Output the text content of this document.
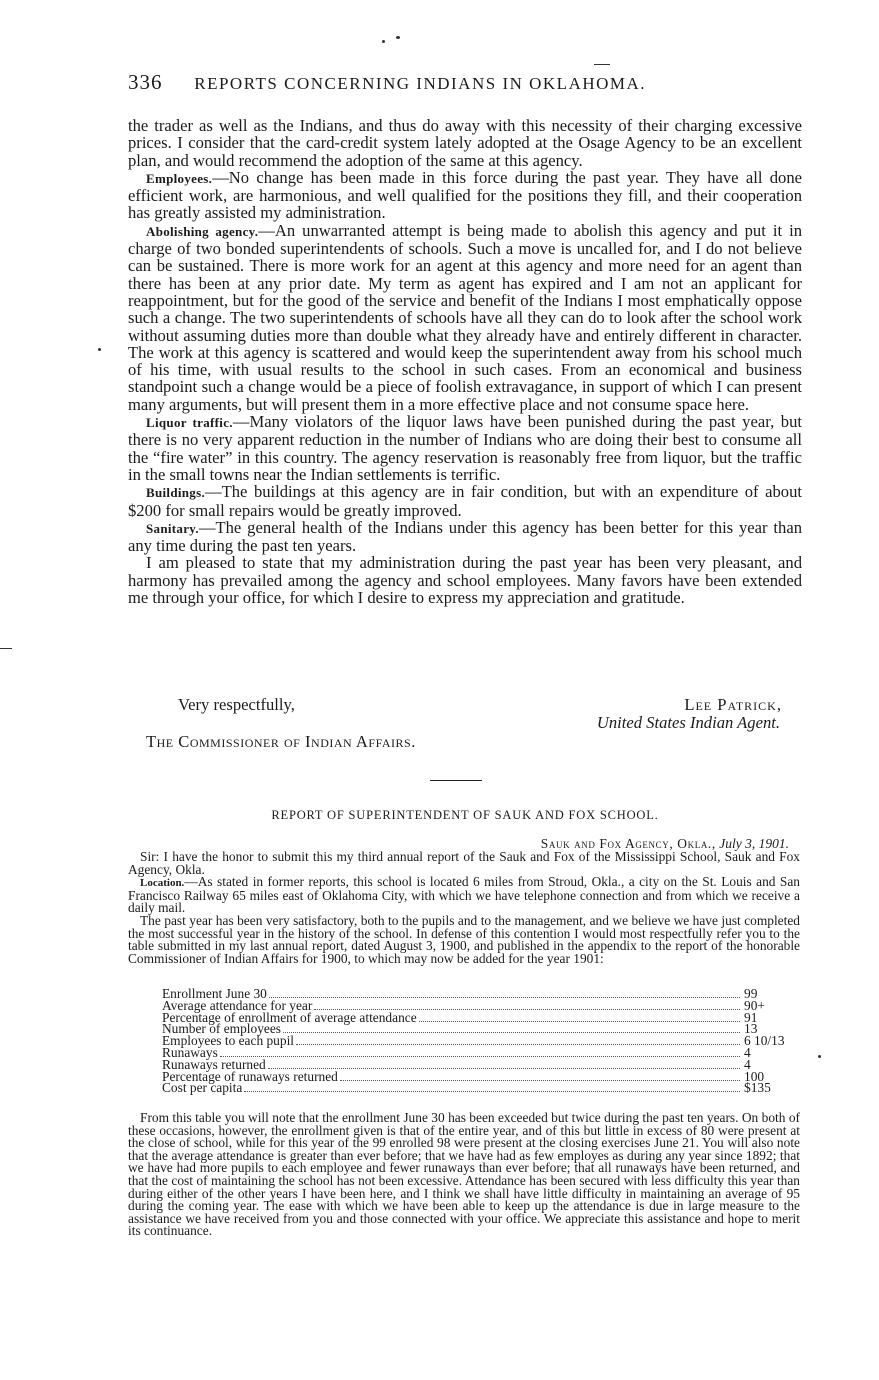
336 REPORTS CONCERNING INDIANS IN OKLAHOMA.

the trader as well as the Indians, and thus do away with this necessity of their charging excessive prices. I consider that the card-credit system lately adopted at the Osage Agency to be an excellent plan, and would recommend the adoption of the same at this agency.

Employees.—No change has been made in this force during the past year. They have all done efficient work, are harmonious, and well qualified for the positions they fill, and their cooperation has greatly assisted my administration.

Abolishing agency.—An unwarranted attempt is being made to abolish this agency and put it in charge of two bonded superintendents of schools. Such a move is uncalled for, and I do not believe can be sustained. There is more work for an agent at this agency and more need for an agent than there has been at any prior date. My term as agent has expired and I am not an applicant for reappointment, but for the good of the service and benefit of the Indians I most emphatically oppose such a change. The two superintendents of schools have all they can do to look after the school work without assuming duties more than double what they already have and entirely different in character. The work at this agency is scattered and would keep the superintendent away from his school much of his time, with usual results to the school in such cases. From an economical and business standpoint such a change would be a piece of foolish extravagance, in support of which I can present many arguments, but will present them in a more effective place and not consume space here.

Liquor traffic.—Many violators of the liquor laws have been punished during the past year, but there is no very apparent reduction in the number of Indians who are doing their best to consume all the “fire water” in this country. The agency reservation is reasonably free from liquor, but the traffic in the small towns near the Indian settlements is terrific.

Buildings.—The buildings at this agency are in fair condition, but with an expenditure of about $200 for small repairs would be greatly improved.

Sanitary.—The general health of the Indians under this agency has been better for this year than any time during the past ten years.

I am pleased to state that my administration during the past year has been very pleasant, and harmony has prevailed among the agency and school employees. Many favors have been extended me through your office, for which I desire to express my appreciation and gratitude.

Very respectfully,	Lee Patrick,
United States Indian Agent.
The Commissioner of Indian Affairs.
REPORT OF SUPERINTENDENT OF SAUK AND FOX SCHOOL.
Sauk and Fox Agency, Okla., July 3, 1901.

Sir: I have the honor to submit this my third annual report of the Sauk and Fox of the Mississippi School, Sauk and Fox Agency, Okla.

Location.—As stated in former reports, this school is located 6 miles from Stroud, Okla., a city on the St. Louis and San Francisco Railway 65 miles east of Oklahoma City, with which we have telephone connection and from which we receive a daily mail.

The past year has been very satisfactory, both to the pupils and to the management, and we believe we have just completed the most successful year in the history of the school. In defense of this contention I would most respectfully refer you to the table submitted in my last annual report, dated August 3, 1900, and published in the appendix to the report of the honorable Commissioner of Indian Affairs for 1900, to which may now be added for the year 1901:

Enrollment June 30	99
Average attendance for year	90+
Percentage of enrollment of average attendance	91
Number of employees	13
Employees to each pupil	6 10/13
Runaways	4
Runaways returned	4
Percentage of runaways returned	100
Cost per capita	$135

From this table you will note that the enrollment June 30 has been exceeded but twice during the past ten years. On both of these occasions, however, the enrollment given is that of the entire year, and of this but little in excess of 80 were present at the close of school, while for this year of the 99 enrolled 98 were present at the closing exercises June 21. You will also note that the average attendance is greater than ever before; that we have had as few employes as during any year since 1892; that we have had more pupils to each employee and fewer runaways than ever before; that all runaways have been returned, and that the cost of maintaining the school has not been excessive. Attendance has been secured with less difficulty this year than during either of the other years I have been here, and I think we shall have little difficulty in maintaining an average of 95 during the coming year. The ease with which we have been able to keep up the attendance is due in large measure to the assistance we have received from you and those connected with your office. We appreciate this assistance and hope to merit its continuance.
